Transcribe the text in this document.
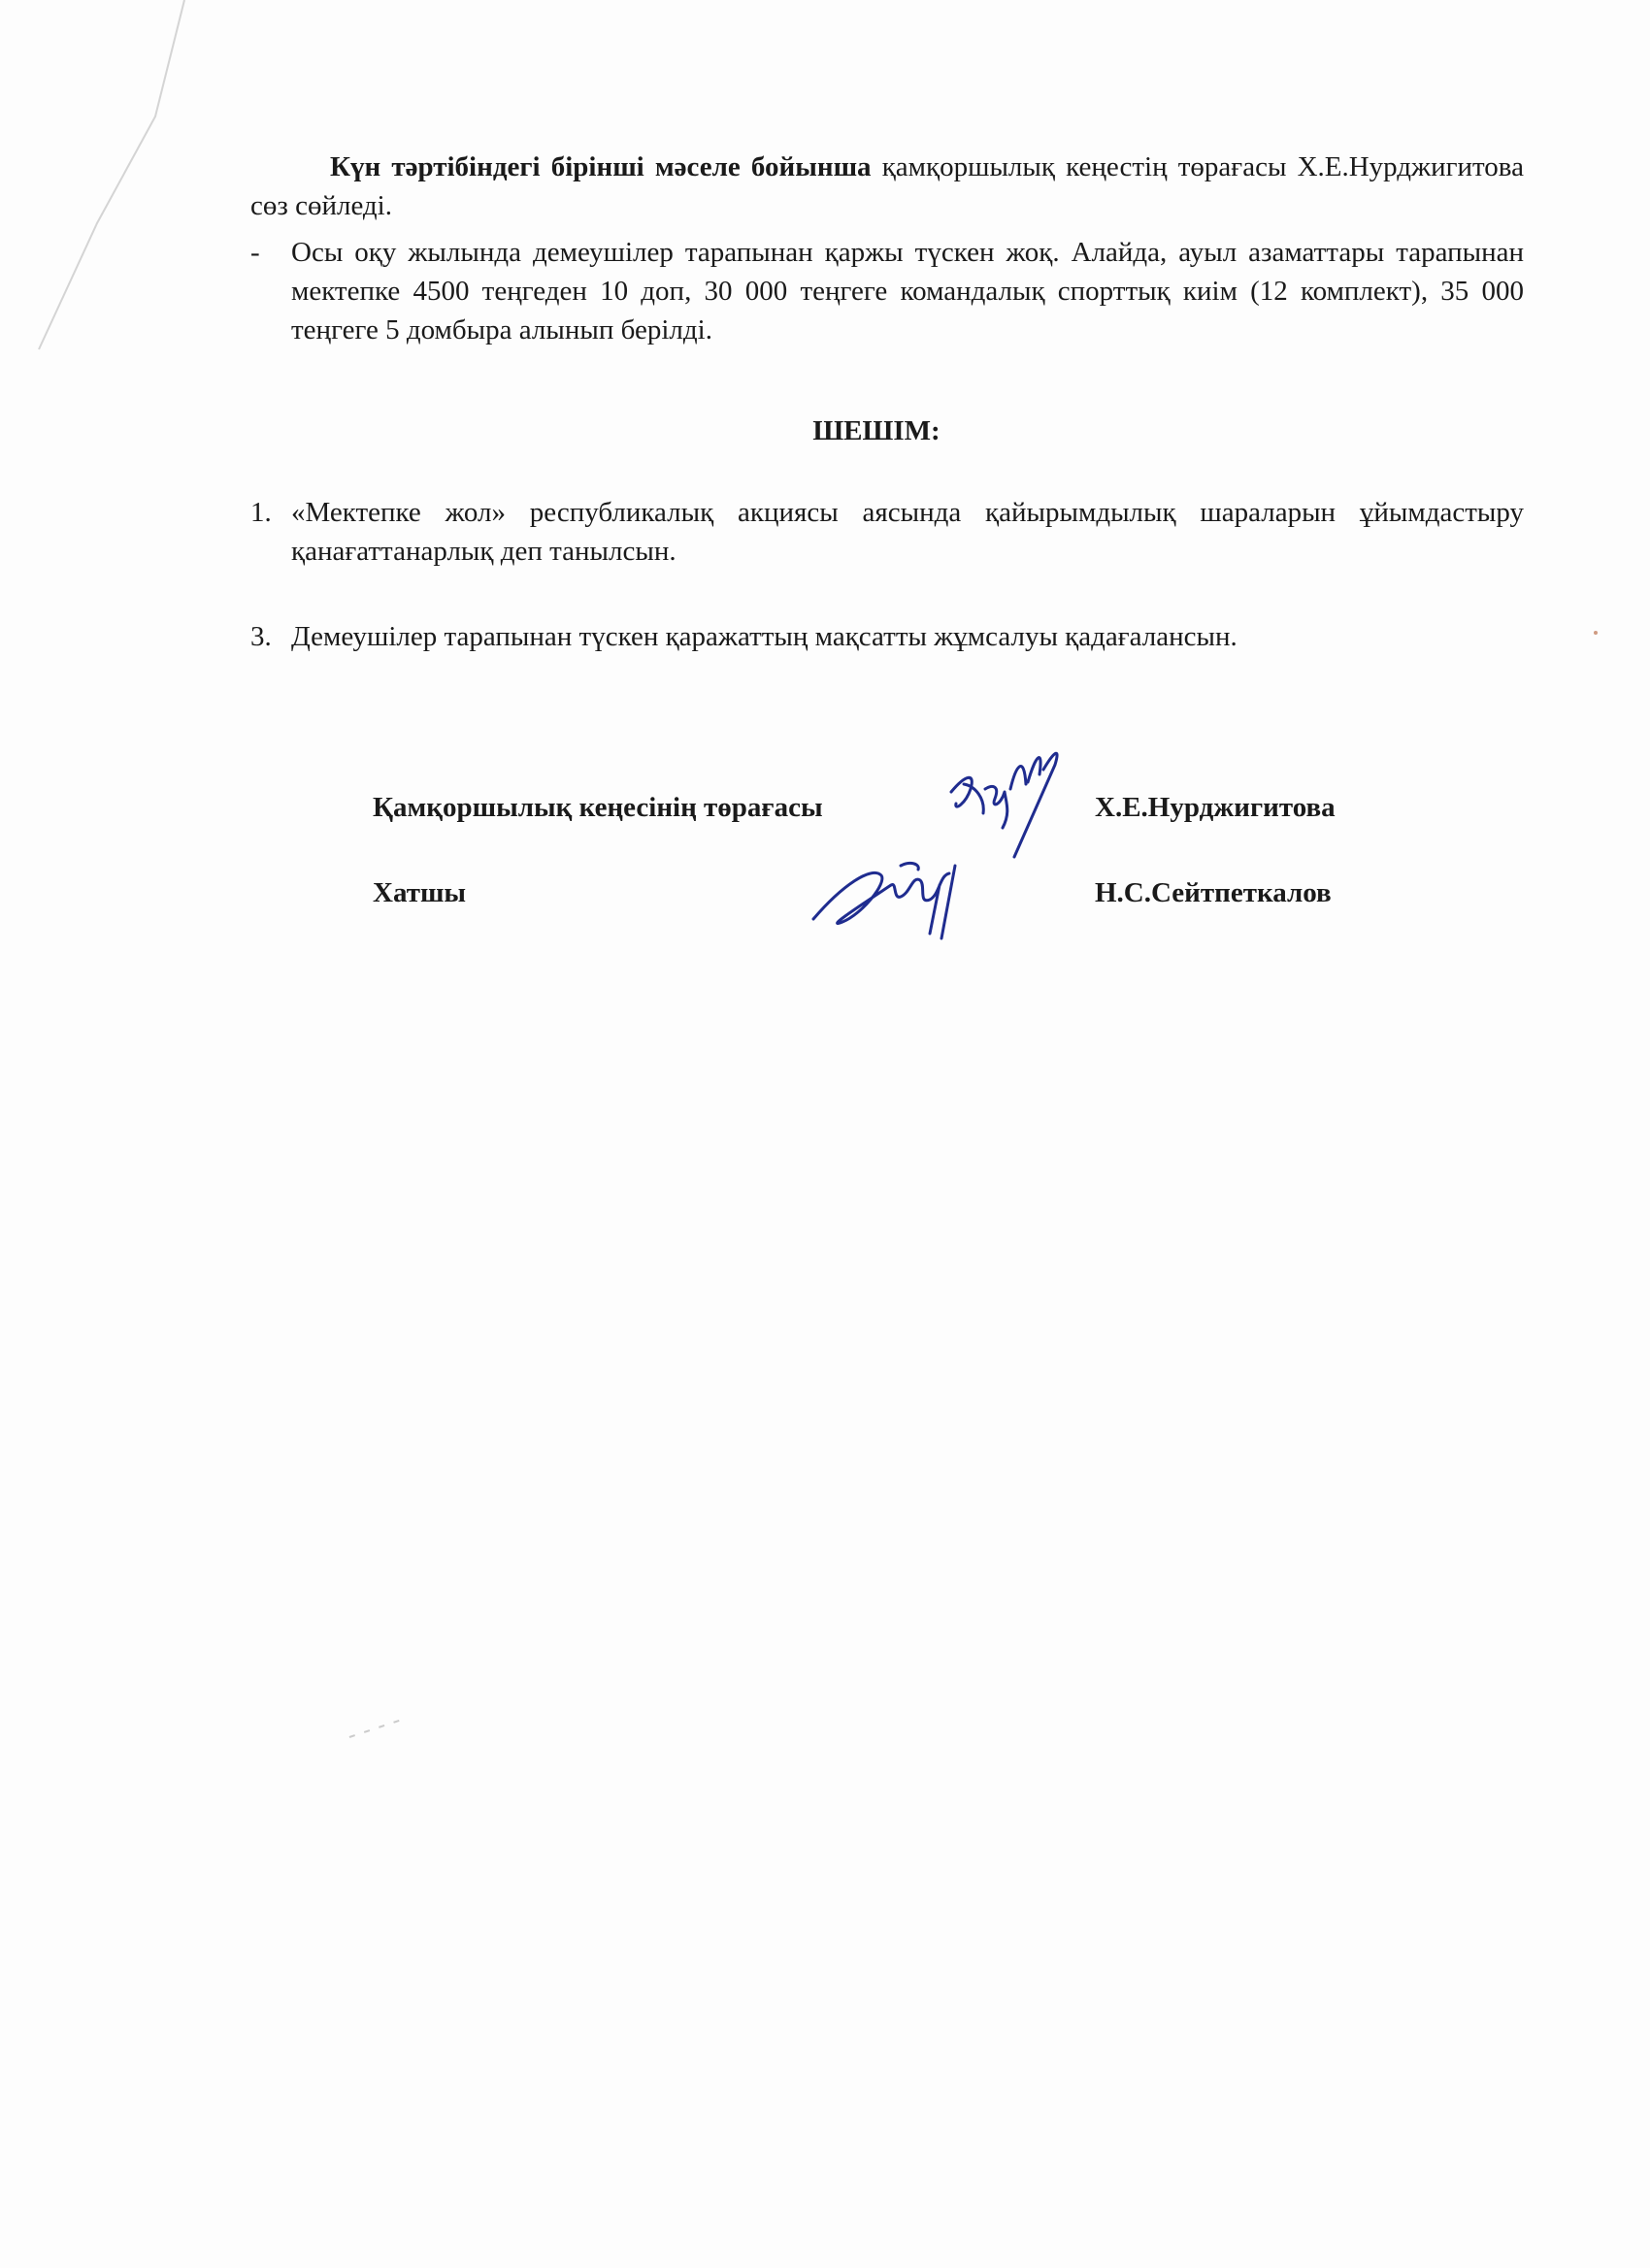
Күн тәртібіндегі бірінші мәселе бойынша қамқоршылық кеңестің төрағасы Х.Е.Нурджигитова сөз сөйледі.
-	Осы оқу жылында демеушілер тарапынан қаржы түскен жоқ. Алайда, ауыл азаматтары тарапынан мектепке 4500 теңгеден 10 доп, 30 000 теңгеге командалық спорттық киім (12 комплект), 35 000 теңгеге 5 домбыра алынып берілді.
ШЕШІМ:
1. «Мектепке жол» республикалық акциясы аясында қайырымдылық шараларын ұйымдастыру қанағаттанарлық деп танылсын.
3. Демеушілер тарапынан түскен қаражаттың мақсатты жұмсалуы қадағалансын.
Қамқоршылық кеңесінің төрағасы	Х.Е.Нурджигитова
Хатшы	Н.С.Сейтпеткалов
